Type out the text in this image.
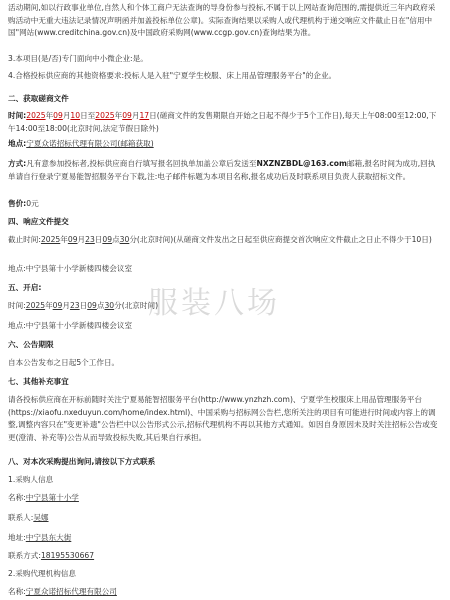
活动期间,如以行政事业单位,自然人和个体工商户无法查询的导身份参与投标,不属于以上网站查询范围的,需提供近三年内政府采购活动中无重大违法记录情况声明函并加盖投标单位公章)。实际查询结果以采购人或代理机构于递交响应文件截止日在"信用中国"网站(www.creditchina.gov.cn)及中国政府采购网(www.ccgp.gov.cn)查询结果为准。

3.本项目(是/否)专门面向中小微企业:是。

4.合格投标供应商的其他资格要求:投标人是入驻"宁夏学生校服、床上用品管理服务平台"的企业。

二、获取磋商文件

时间:2025年09月10日至2025年09月17日(磋商文件的发售期限自开始之日起不得少于5个工作日),每天上午08:00至12:00,下午14:00至18:00(北京时间,法定节假日除外)

地点:宁夏众诺招标代理有限公司(邮箱获取)

方式:凡有意参加投标者,投标供应商自行填写报名回执单加盖公章后发送至NXZNZBDL@163.com邮箱,报名时间为成功,回执单请自行登录宁夏易能智招服务平台下载,注:电子邮件标题为本项目名称,报名成功后及时联系项目负责人获取招标文件。

售价:0元

四、响应文件提交

截止时间:2025年09月23日09点30分(北京时间)(从磋商文件发出之日起至供应商提交首次响应文件截止之日止不得少于10日)

地点:中宁县第十小学新楼四楼会议室

五、开启:

时间:2025年09月23日09点30分(北京时间)

地点:中宁县第十小学新楼四楼会议室

六、公告期限

自本公告发布之日起5个工作日。

七、其他补充事宜

请各投标供应商在开标前随时关注宁夏易能智招服务平台(http://www.ynzhzh.com)、宁夏学生校服床上用品管理服务平台(https://xiaofu.nxeduyun.com/home/index.html)、中国采购与招标网公告栏,您所关注的项目有可能进行时间或内容上的调整,调整内容只在"变更补遗"公告栏中以公告形式公示,招标代理机构不再以其他方式通知。如因自身原因未及时关注招标公告或变更(澄清、补充等)公告从而导致投标失败,其后果自行承担。

八、对本次采购提出询问,请按以下方式联系

1.采购人信息

名称:中宁县第十小学

联系人:吴娜

地址:中宁县东大街

联系方式:18195530667

2.采购代理机构信息

名称:宁夏众诺招标代理有限公司

服装八场
